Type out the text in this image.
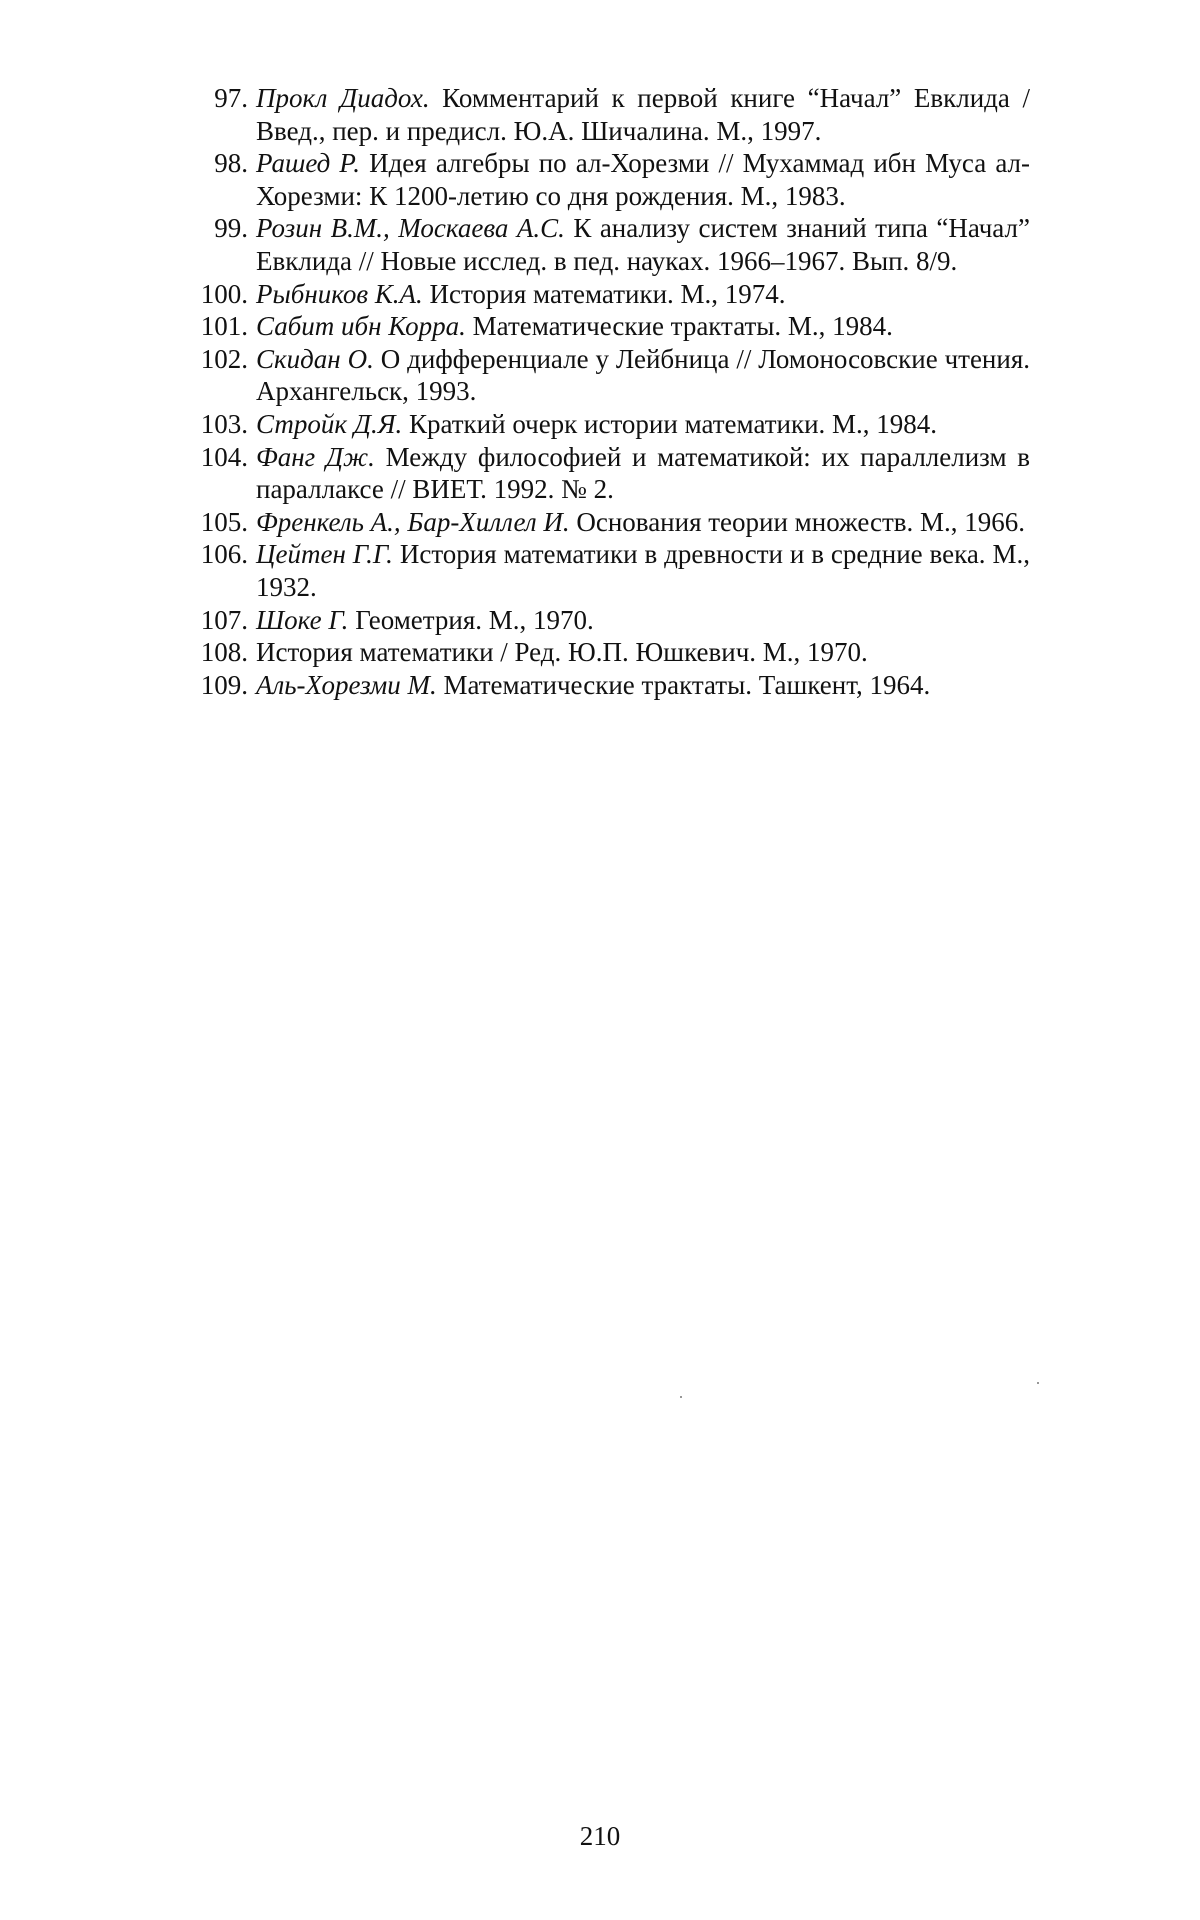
97. Прокл Диадох. Комментарий к первой книге “Начал” Евклида / Введ., пер. и предисл. Ю.А. Шичалина. М., 1997.
98. Рашед Р. Идея алгебры по ал-Хорезми // Мухаммад ибн Муса ал-Хорезми: К 1200-летию со дня рождения. М., 1983.
99. Розин В.М., Москаева А.С. К анализу систем знаний типа “Начал” Евклида // Новые исслед. в пед. науках. 1966–1967. Вып. 8/9.
100. Рыбников К.А. История математики. М., 1974.
101. Сабит ибн Корра. Математические трактаты. М., 1984.
102. Скидан О. О дифференциале у Лейбница // Ломоносовские чтения. Архангельск, 1993.
103. Стройк Д.Я. Краткий очерк истории математики. М., 1984.
104. Фанг Дж. Между философией и математикой: их параллелизм в параллаксе // ВИЕТ. 1992. № 2.
105. Френкель А., Бар-Хиллел И. Основания теории множеств. М., 1966.
106. Цейтен Г.Г. История математики в древности и в средние века. М., 1932.
107. Шоке Г. Геометрия. М., 1970.
108. История математики / Ред. Ю.П. Юшкевич. М., 1970.
109. Аль-Хорезми М. Математические трактаты. Ташкент, 1964.
210
